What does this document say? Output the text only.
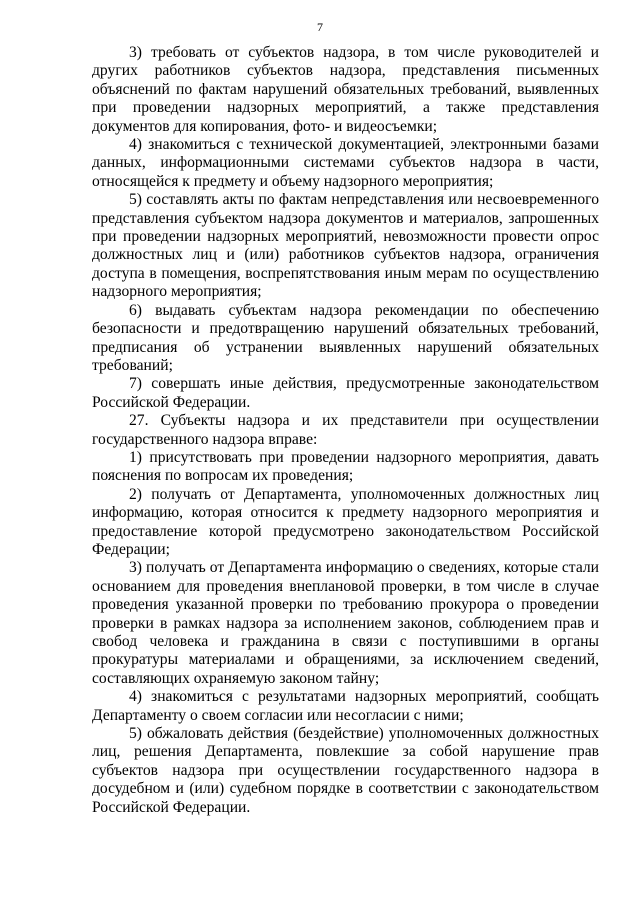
7

3) требовать от субъектов надзора, в том числе руководителей и других работников субъектов надзора, представления письменных объяснений по фактам нарушений обязательных требований, выявленных при проведении надзорных мероприятий, а также представления документов для копирования, фото- и видеосъемки;

4) знакомиться с технической документацией, электронными базами данных, информационными системами субъектов надзора в части, относящейся к предмету и объему надзорного мероприятия;

5) составлять акты по фактам непредставления или несвоевременного представления субъектом надзора документов и материалов, запрошенных при проведении надзорных мероприятий, невозможности провести опрос должностных лиц и (или) работников субъектов надзора, ограничения доступа в помещения, воспрепятствования иным мерам по осуществлению надзорного мероприятия;

6) выдавать субъектам надзора рекомендации по обеспечению безопасности и предотвращению нарушений обязательных требований, предписания об устранении выявленных нарушений обязательных требований;

7) совершать иные действия, предусмотренные законодательством Российской Федерации.

27. Субъекты надзора и их представители при осуществлении государственного надзора вправе:

1) присутствовать при проведении надзорного мероприятия, давать пояснения по вопросам их проведения;

2) получать от Департамента, уполномоченных должностных лиц информацию, которая относится к предмету надзорного мероприятия и предоставление которой предусмотрено законодательством Российской Федерации;

3) получать от Департамента информацию о сведениях, которые стали основанием для проведения внеплановой проверки, в том числе в случае проведения указанной проверки по требованию прокурора о проведении проверки в рамках надзора за исполнением законов, соблюдением прав и свобод человека и гражданина в связи с поступившими в органы прокуратуры материалами и обращениями, за исключением сведений, составляющих охраняемую законом тайну;

4) знакомиться с результатами надзорных мероприятий, сообщать Департаменту о своем согласии или несогласии с ними;

5) обжаловать действия (бездействие) уполномоченных должностных лиц, решения Департамента, повлекшие за собой нарушение прав субъектов надзора при осуществлении государственного надзора в досудебном и (или) судебном порядке в соответствии с законодательством Российской Федерации.
